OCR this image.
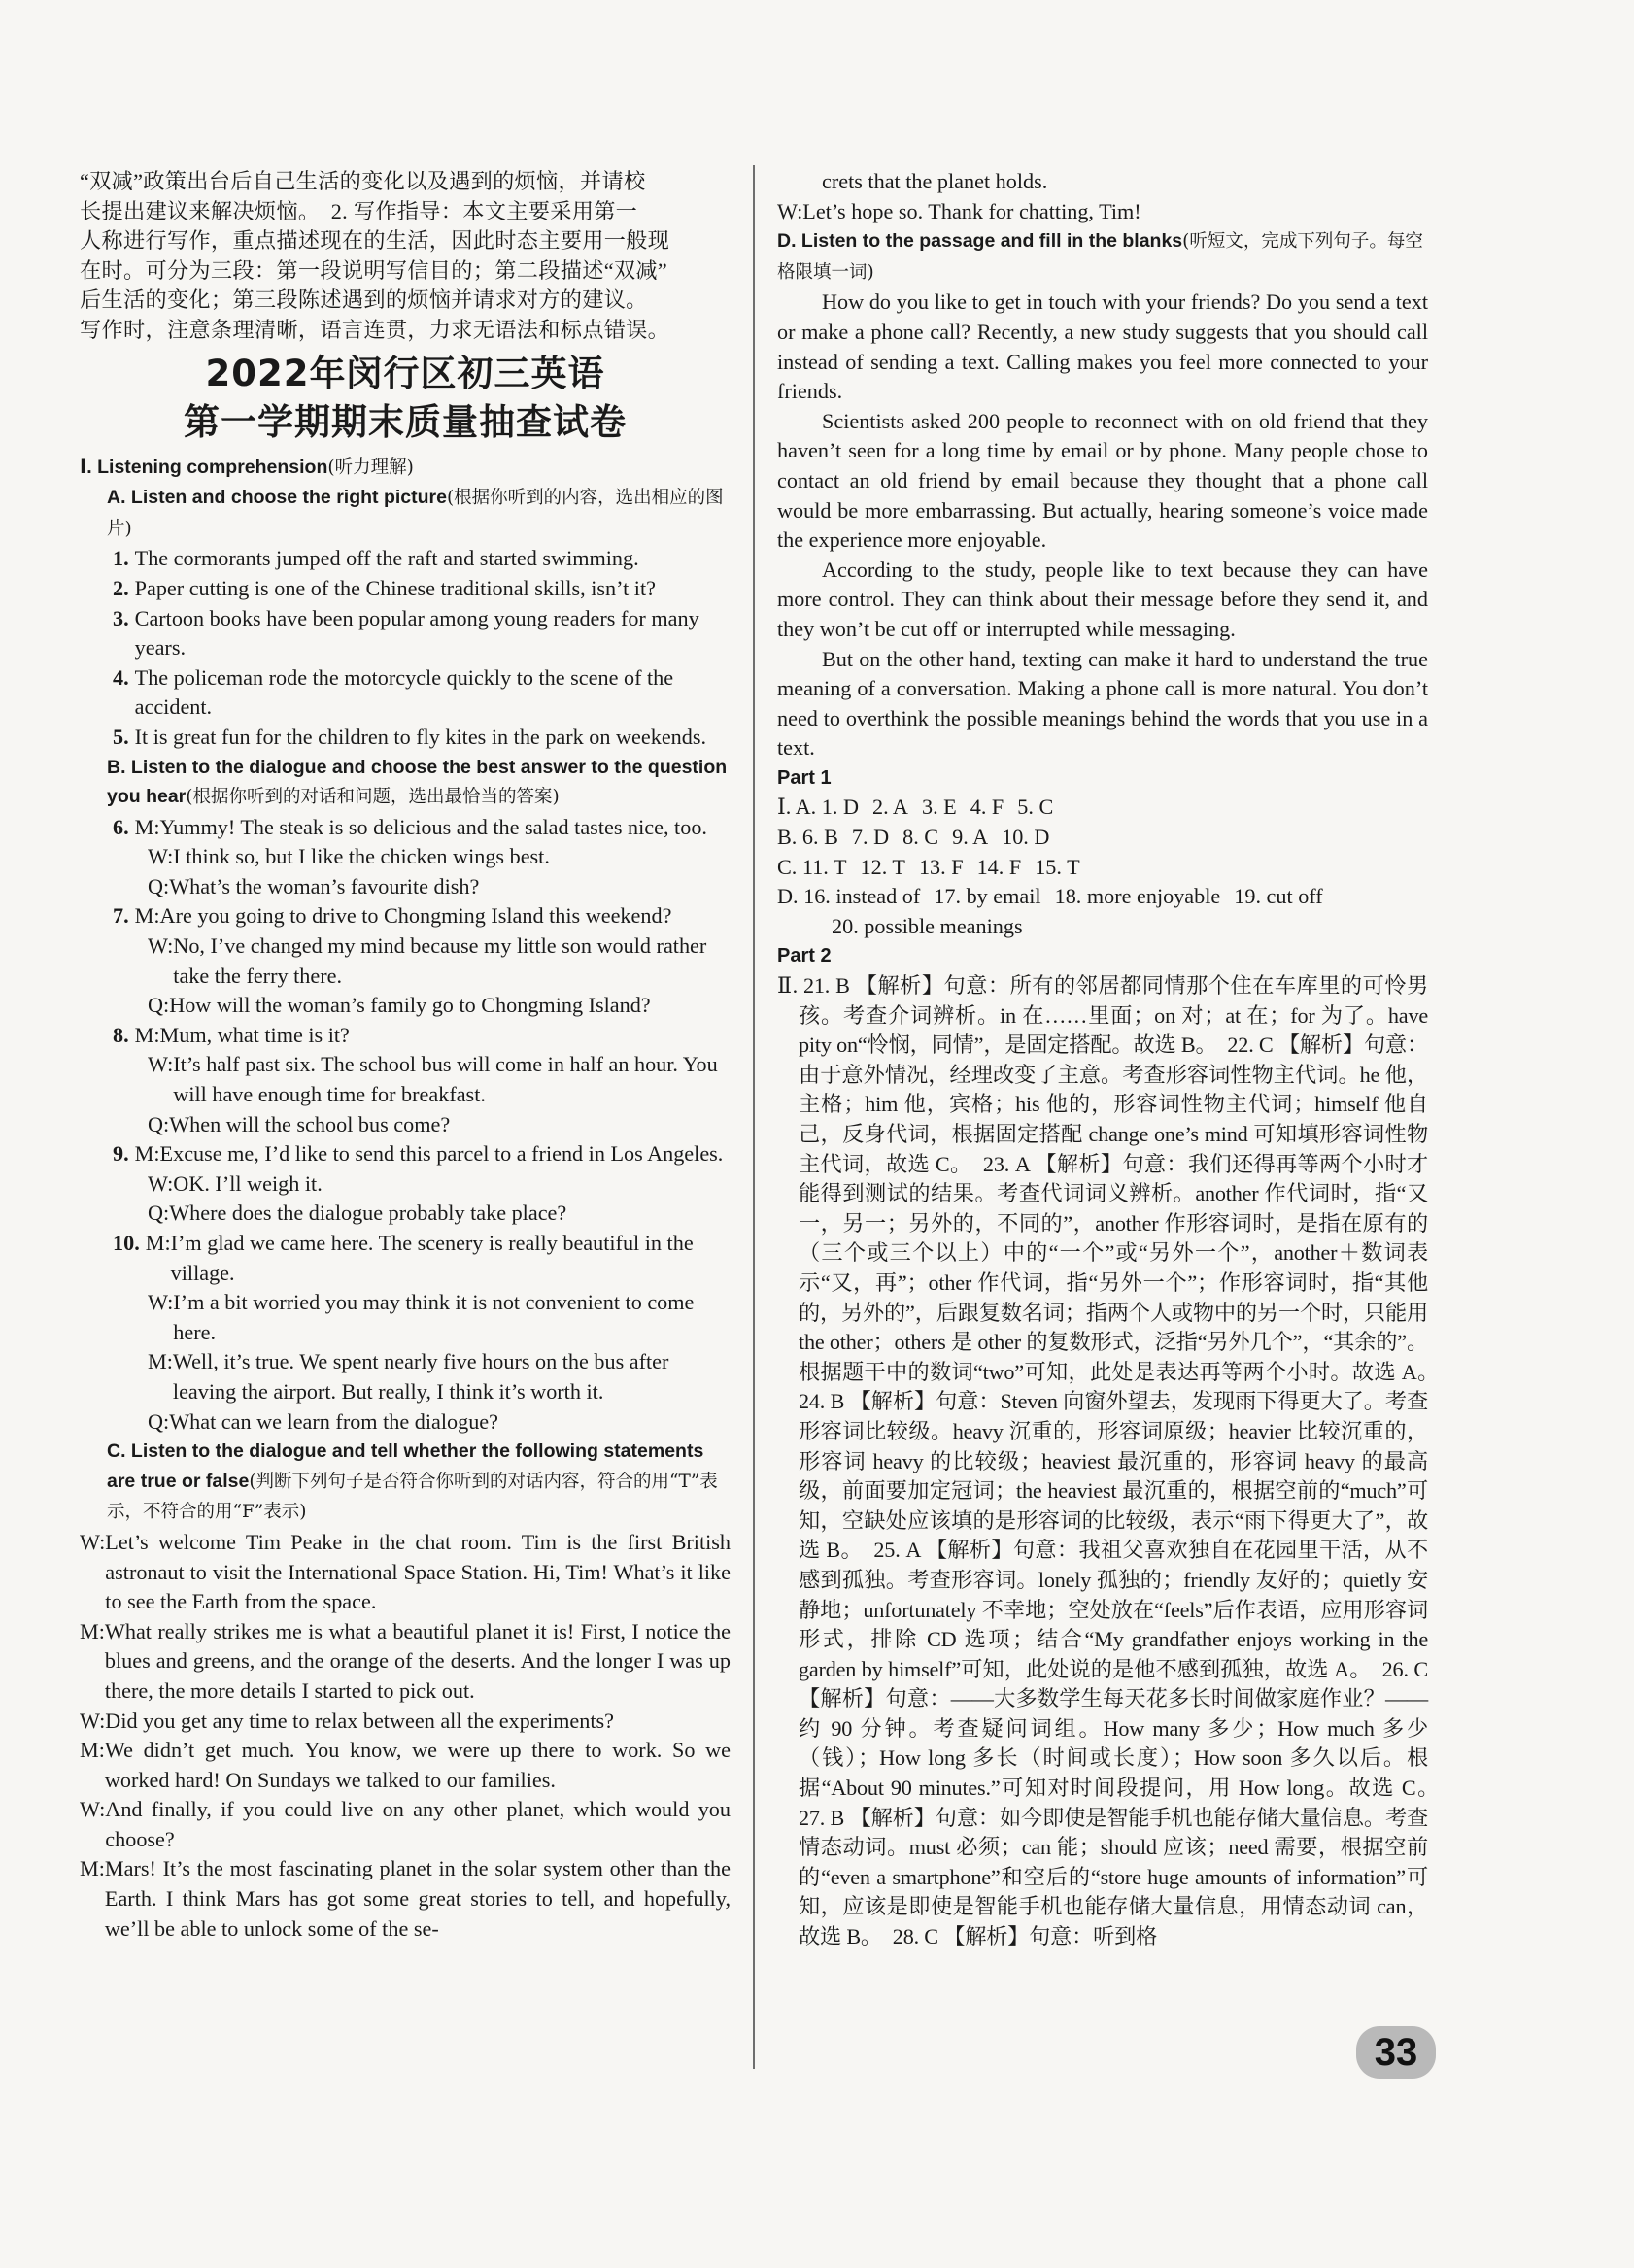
“双减”政策出台后自己生活的变化以及遇到的烦恼，并请校

长提出建议来解决烦恼。　2. 写作指导：本文主要采用第一

人称进行写作，重点描述现在的生活，因此时态主要用一般现

在时。可分为三段：第一段说明写信目的；第二段描述“双减”

后生活的变化；第三段陈述遇到的烦恼并请求对方的建议。

写作时，注意条理清晰，语言连贯，力求无语法和标点错误。

2022年闵行区初三英语
第一学期期末质量抽查试卷

Ⅰ. Listening comprehension(听力理解)

A. Listen and choose the right picture(根据你听到的内容，选出相应的图片)

1. The cormorants jumped off the raft and started swimming.
2. Paper cutting is one of the Chinese traditional skills, isn’t it?
3. Cartoon books have been popular among young readers for many years.
4. The policeman rode the motorcycle quickly to the scene of the accident.
5. It is great fun for the children to fly kites in the park on weekends.

B. Listen to the dialogue and choose the best answer to the question you hear(根据你听到的对话和问题，选出最恰当的答案)

6. M: Yummy! The steak is so delicious and the salad tastes nice, too.
W: I think so, but I like the chicken wings best.
Q: What’s the woman’s favourite dish?
7. M: Are you going to drive to Chongming Island this weekend?
W: No, I’ve changed my mind because my little son would rather take the ferry there.
Q: How will the woman’s family go to Chongming Island?
8. M: Mum, what time is it?
W: It’s half past six. The school bus will come in half an hour. You will have enough time for breakfast.
Q: When will the school bus come?
9. M: Excuse me, I’d like to send this parcel to a friend in Los Angeles.
W: OK. I’ll weigh it.
Q: Where does the dialogue probably take place?
10. M: I’m glad we came here. The scenery is really beautiful in the village.
W: I’m a bit worried you may think it is not convenient to come here.
M: Well, it’s true. We spent nearly five hours on the bus after leaving the airport. But really, I think it’s worth it.
Q: What can we learn from the dialogue?

C. Listen to the dialogue and tell whether the following statements are true or false(判断下列句子是否符合你听到的对话内容，符合的用“T”表示，不符合的用“F”表示)

W: Let’s welcome Tim Peake in the chat room. Tim is the first British astronaut to visit the International Space Station. Hi, Tim! What’s it like to see the Earth from the space.
M: What really strikes me is what a beautiful planet it is! First, I notice the blues and greens, and the orange of the deserts. And the longer I was up there, the more details I started to pick out.
W: Did you get any time to relax between all the experiments?
M: We didn’t get much. You know, we were up there to work. So we worked hard! On Sundays we talked to our families.
W: And finally, if you could live on any other planet, which would you choose?
M: Mars! It’s the most fascinating planet in the solar system other than the Earth. I think Mars has got some great stories to tell, and hopefully, we’ll be able to unlock some of the se-

crets that the planet holds.

W: Let’s hope so. Thank for chatting, Tim!

D. Listen to the passage and fill in the blanks(听短文，完成下列句子。每空格限填一词)

How do you like to get in touch with your friends? Do you send a text or make a phone call? Recently, a new study suggests that you should call instead of sending a text. Calling makes you feel more connected to your friends.

Scientists asked 200 people to reconnect with on old friend that they haven’t seen for a long time by email or by phone. Many people chose to contact an old friend by email because they thought that a phone call would be more embarrassing. But actually, hearing someone’s voice made the experience more enjoyable.

According to the study, people like to text because they can have more control. They can think about their message before they send it, and they won’t be cut off or interrupted while messaging.

But on the other hand, texting can make it hard to understand the true meaning of a conversation. Making a phone call is more natural. You don’t need to overthink the possible meanings behind the words that you use in a text.

Part 1

Ⅰ. A. 1. D 2. A 3. E 4. F 5. C
B. 6. B 7. D 8. C 9. A 10. D
C. 11. T 12. T 13. F 14. F 15. T
D. 16. instead of 17. by email 18. more enjoyable 19. cut off
20. possible meanings

Part 2

Ⅱ. 21. B 【解析】句意：所有的邻居都同情那个住在车库里的可怜男孩。考查介词辨析。in 在……里面；on 对；at 在；for 为了。have pity on“怜悯，同情”，是固定搭配。故选 B。　22. C 【解析】句意：由于意外情况，经理改变了主意。考查形容词性物主代词。he 他，主格；him 他，宾格；his 他的，形容词性物主代词；himself 他自己，反身代词，根据固定搭配 change one’s mind 可知填形容词性物主代词，故选 C。　23. A 【解析】句意：我们还得再等两个小时才能得到测试的结果。考查代词词义辨析。another 作代词时，指“又一，另一；另外的，不同的”，another 作形容词时，是指在原有的（三个或三个以上）中的“一个”或“另外一个”，another＋数词表示“又，再”；other 作代词，指“另外一个”；作形容词时，指“其他的，另外的”，后跟复数名词；指两个人或物中的另一个时，只能用 the other；others 是 other 的复数形式，泛指“另外几个”，“其余的”。根据题干中的数词“two”可知，此处是表达再等两个小时。故选 A。　24. B 【解析】句意：Steven 向窗外望去，发现雨下得更大了。考查形容词比较级。heavy 沉重的，形容词原级；heavier 比较沉重的，形容词 heavy 的比较级；heaviest 最沉重的，形容词 heavy 的最高级，前面要加定冠词；the heaviest 最沉重的，根据空前的“much”可知，空缺处应该填的是形容词的比较级，表示“雨下得更大了”，故选 B。　25. A 【解析】句意：我祖父喜欢独自在花园里干活，从不感到孤独。考查形容词。lonely 孤独的；friendly 友好的；quietly 安静地；unfortunately 不幸地；空处放在“feels”后作表语，应用形容词形式，排除 CD 选项；结合“My grandfather enjoys working in the garden by himself”可知，此处说的是他不感到孤独，故选 A。　26. C 【解析】句意：——大多数学生每天花多长时间做家庭作业？——约 90 分钟。考查疑问词组。How many 多少；How much 多少（钱）；How long 多长（时间或长度）；How soon 多久以后。根据“About 90 minutes.”可知对时间段提问，用 How long。故选 C。　27. B 【解析】句意：如今即使是智能手机也能存储大量信息。考查情态动词。must 必须；can 能；should 应该；need 需要，根据空前的“even a smartphone”和空后的“store huge amounts of information”可知，应该是即使是智能手机也能存储大量信息，用情态动词 can，故选 B。　28. C 【解析】句意：听到格

33
